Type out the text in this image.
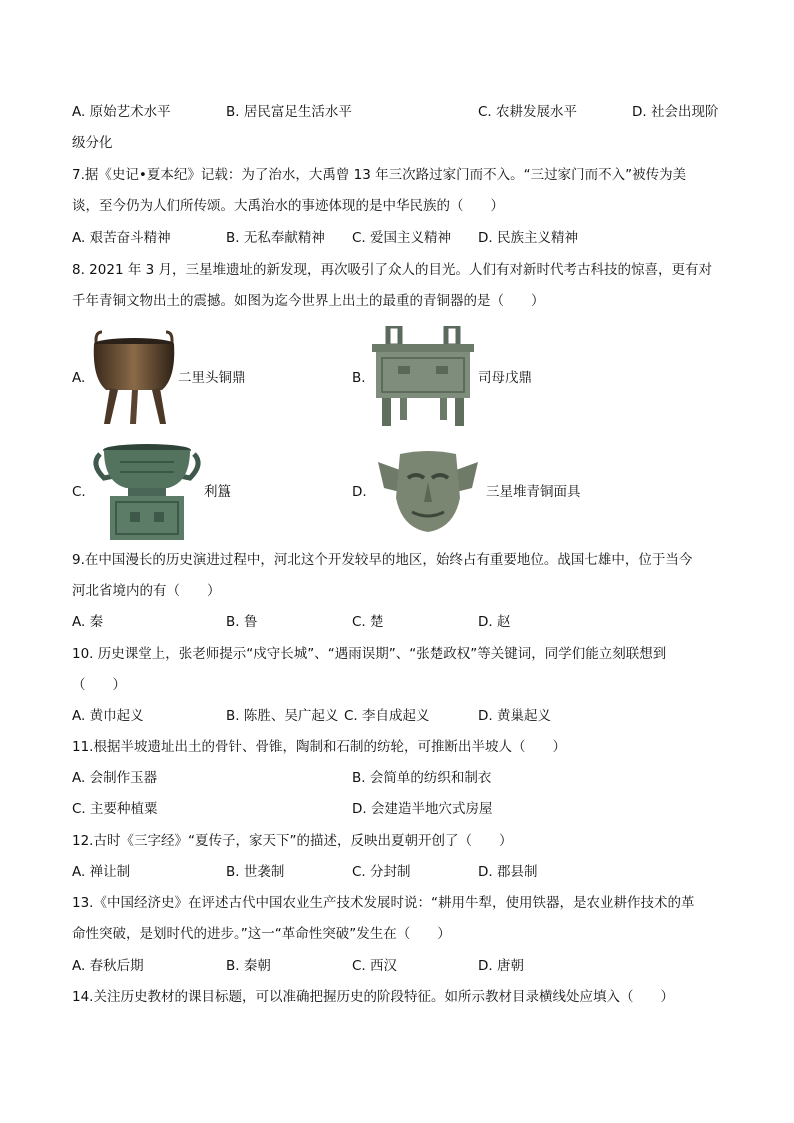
A. 原始艺术水平	B. 居民富足生活水平	C. 农耕发展水平	D. 社会出现阶
级分化
7.据《史记•夏本纪》记载：为了治水，大禹曾 13 年三次路过家门而不入。“三过家门而不入”被传为美
谈，至今仍为人们所传颂。大禹治水的事迹体现的是中华民族的（　　）
A. 艰苦奋斗精神	B. 无私奉献精神 C. 爱国主义精神 D. 民族主义精神
8. 2021 年 3 月，三星堆遗址的新发现，再次吸引了众人的目光。人们有对新时代考古科技的惊喜，更有对
千年青铜文物出土的震撼。如图为迄今世界上出土的最重的青铜器的是（　　）
A.	二里头铜鼎	B.	司母戊鼎
C.	利簋	D.	三星堆青铜面具
9.在中国漫长的历史演进过程中，河北这个开发较早的地区，始终占有重要地位。战国七雄中，位于当今
河北省境内的有（　　）
A. 秦	B. 鲁	C. 楚	D. 赵
10. 历史课堂上，张老师提示“戍守长城”、“遇雨误期”、“张楚政权”等关键词，同学们能立刻联想到
（　　）
A. 黄巾起义	B. 陈胜、吴广起义 C. 李自成起义	D. 黄巢起义
11.根据半坡遗址出土的骨针、骨锥，陶制和石制的纺轮，可推断出半坡人（　　）
A. 会制作玉器	B. 会简单的纺织和制衣
C. 主要种植粟	D. 会建造半地穴式房屋
12.古时《三字经》“夏传子，家天下”的描述，反映出夏朝开创了（　　）
A. 禅让制	B. 世袭制	C. 分封制	D. 郡县制
13.《中国经济史》在评述古代中国农业生产技术发展时说：“耕用牛犁，使用铁器，是农业耕作技术的革
命性突破，是划时代的进步。”这一“革命性突破”发生在（　　）
A. 春秋后期	B. 秦朝	C. 西汉	D. 唐朝
14.关注历史教材的课目标题，可以准确把握历史的阶段特征。如所示教材目录横线处应填入（　　）
